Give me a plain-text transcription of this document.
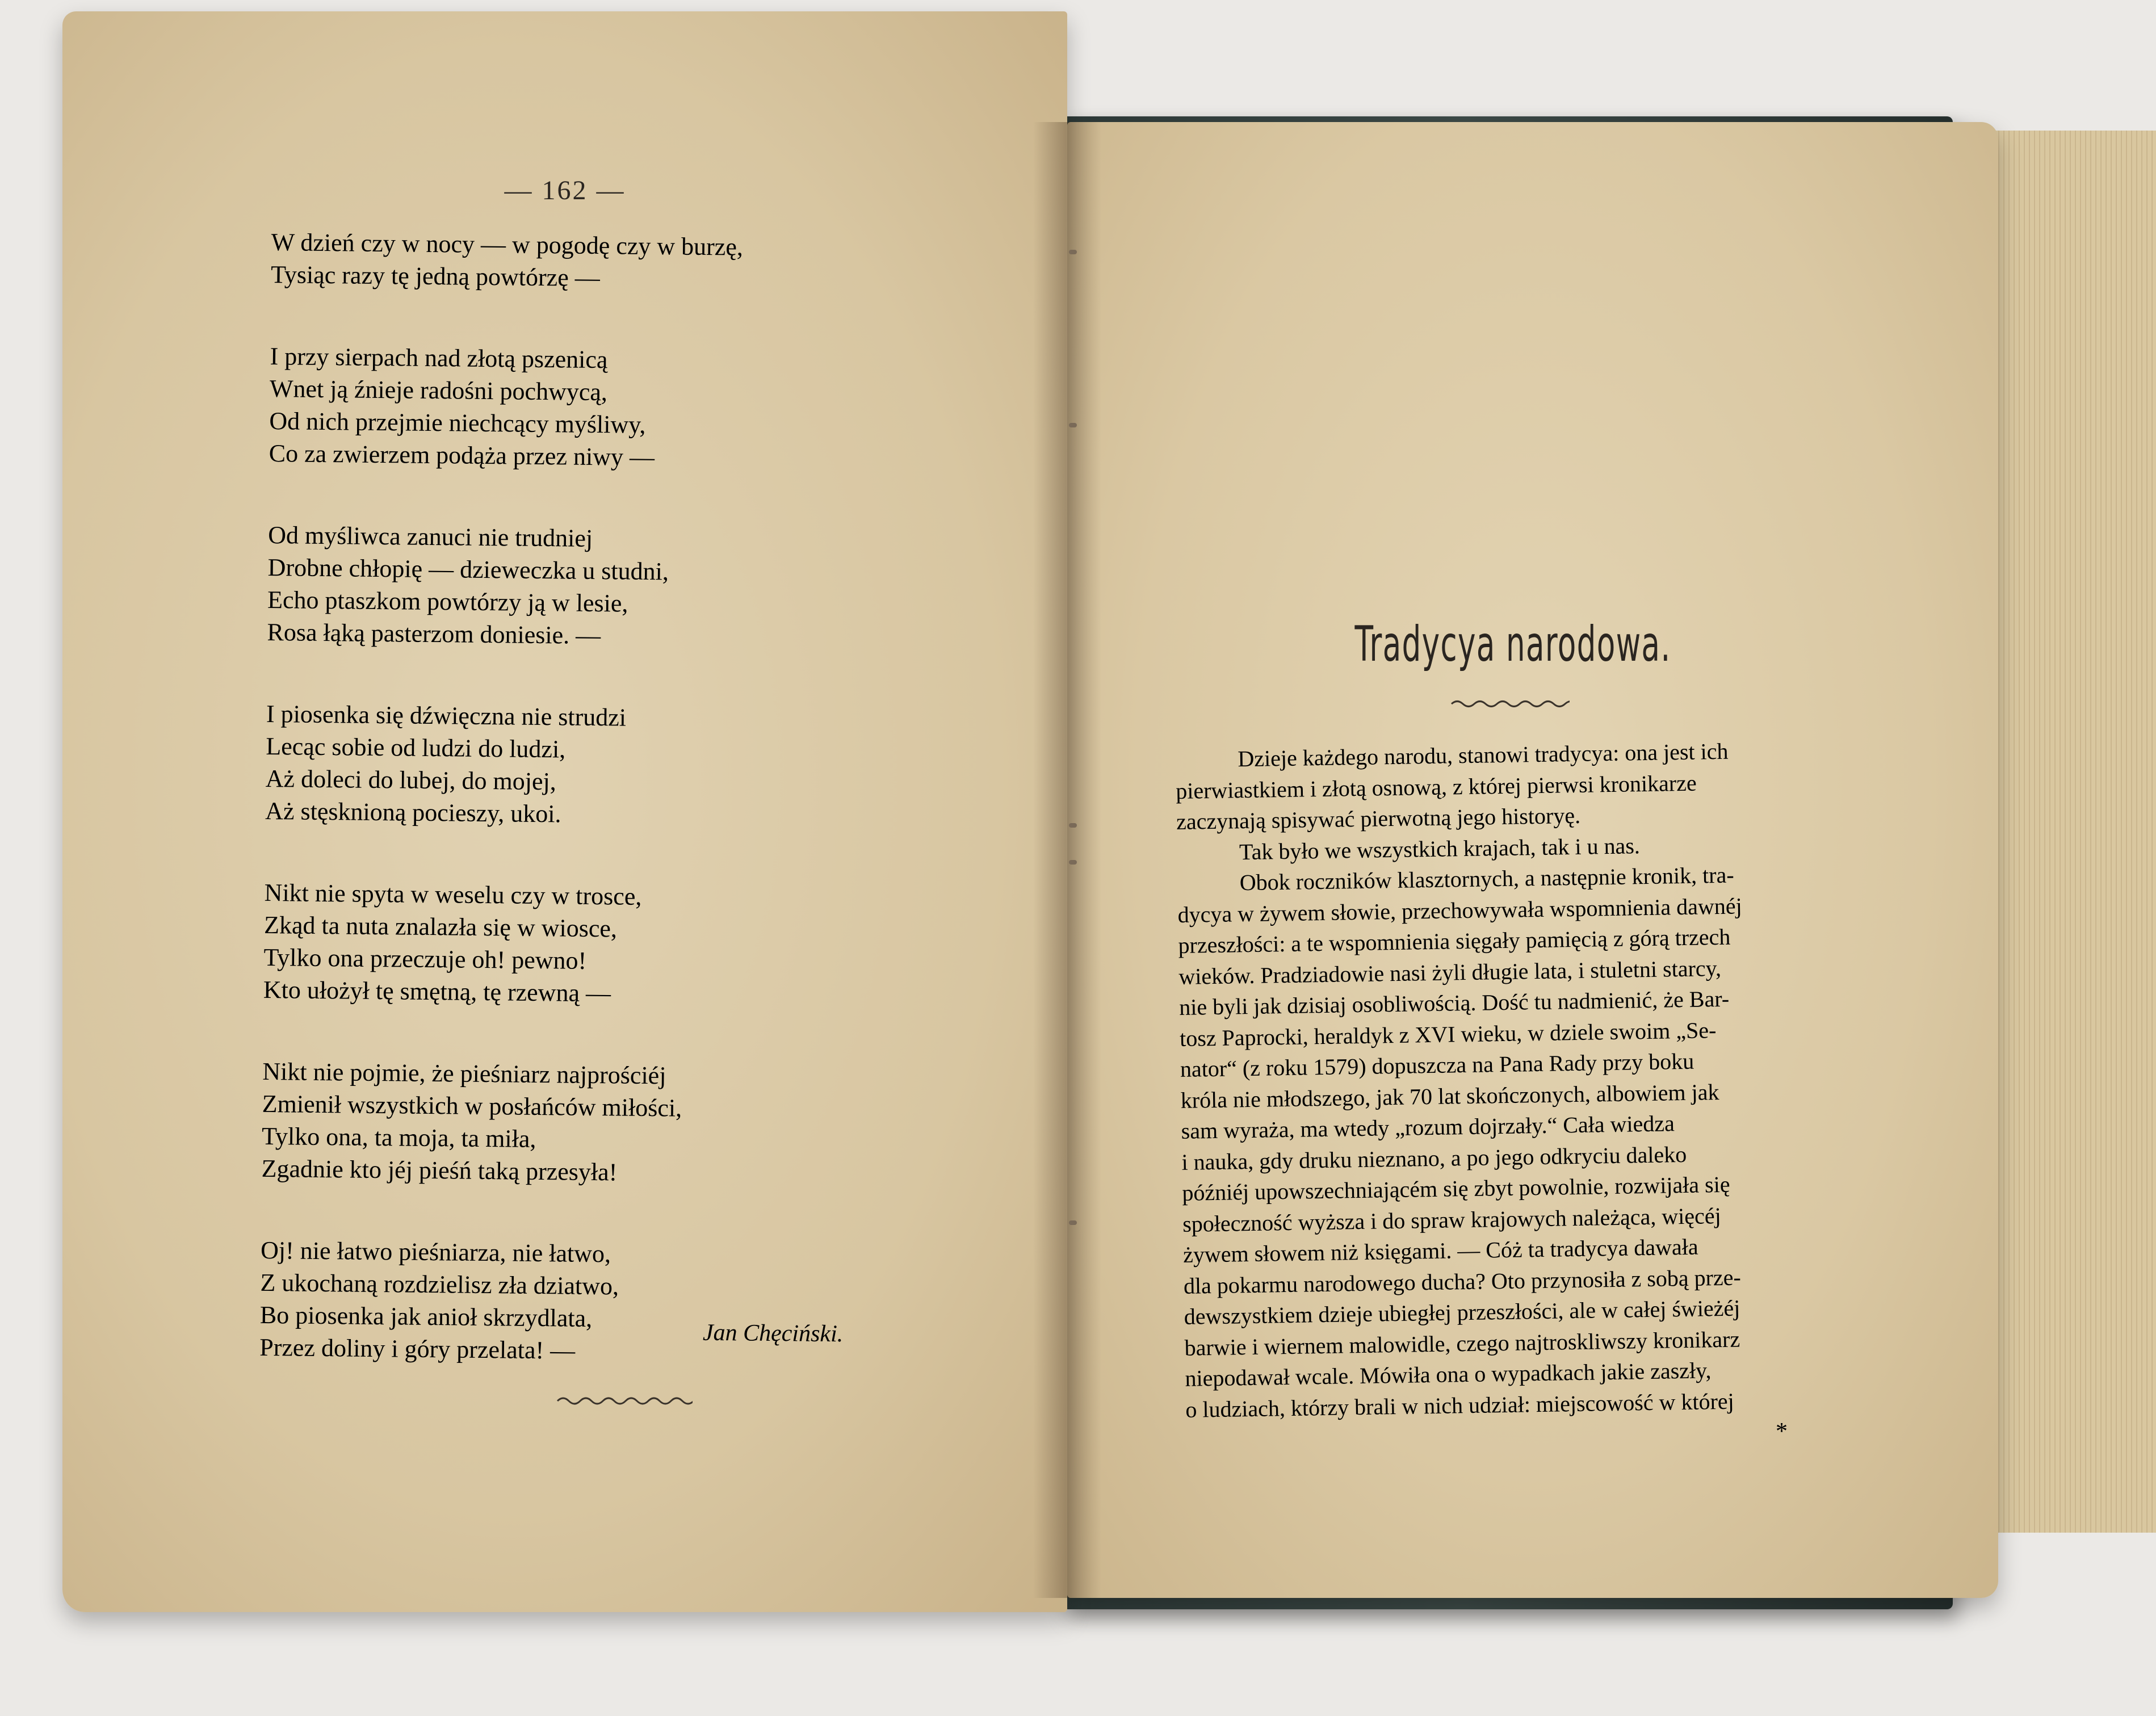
— 162 —
W dzień czy w nocy — w pogodę czy w burzę,
Tysiąc razy tę jedną powtórzę —
I przy sierpach nad złotą pszenicą
Wnet ją źnieje radośni pochwycą,
Od nich przejmie niechcący myśliwy,
Co za zwierzem podąża przez niwy —
Od myśliwca zanuci nie trudniej
Drobne chłopię — dzieweczka u studni,
Echo ptaszkom powtórzy ją w lesie,
Rosa łąką pasterzom doniesie. —
I piosenka się dźwięczna nie strudzi
Lecąc sobie od ludzi do ludzi,
Aż doleci do lubej, do mojej,
Aż stęsknioną pocieszy, ukoi.
Nikt nie spyta w weselu czy w trosce,
Zkąd ta nuta znalazła się w wiosce,
Tylko ona przeczuje oh! pewno!
Kto ułożył tę smętną, tę rzewną —
Nikt nie pojmie, że pieśniarz najprościéj
Zmienił wszystkich w posłańców miłości,
Tylko ona, ta moja, ta miła,
Zgadnie kto jéj pieśń taką przesyła!
Oj! nie łatwo pieśniarza, nie łatwo,
Z ukochaną rozdzielisz zła dziatwo,
Bo piosenka jak anioł skrzydlata,
Przez doliny i góry przelata! —	Jan Chęciński.
Tradycya narodowa.
Dzieje każdego narodu, stanowi tradycya: ona jest ich
pierwiastkiem i złotą osnową, z której pierwsi kronikarze
zaczynają spisywać pierwotną jego historyę.
Tak było we wszystkich krajach, tak i u nas.
Obok roczników klasztornych, a następnie kronik, tra-
dycya w żywem słowie, przechowywała wspomnienia dawnéj
przeszłości: a te wspomnienia sięgały pamięcią z górą trzech
wieków. Pradziadowie nasi żyli długie lata, i stuletni starcy,
nie byli jak dzisiaj osobliwością. Dość tu nadmienić, że Bar-
tosz Paprocki, heraldyk z XVI wieku, w dziele swoim „Se-
nator“ (z roku 1579) dopuszcza na Pana Rady przy boku
króla nie młodszego, jak 70 lat skończonych, albowiem jak
sam wyraża, ma wtedy „rozum dojrzały.“ Cała wiedza
i nauka, gdy druku nieznano, a po jego odkryciu daleko
późniéj upowszechniającém się zbyt powolnie, rozwijała się
społeczność wyższa i do spraw krajowych należąca, więcéj
żywem słowem niż księgami. — Cóż ta tradycya dawała
dla pokarmu narodowego ducha? Oto przynosiła z sobą prze-
dewszystkiem dzieje ubiegłej przeszłości, ale w całej świeżéj
barwie i wiernem malowidle, czego najtroskliwszy kronikarz
niepodawał wcale. Mówiła ona o wypadkach jakie zaszły,
o ludziach, którzy brali w nich udział: miejscowość w której
*
